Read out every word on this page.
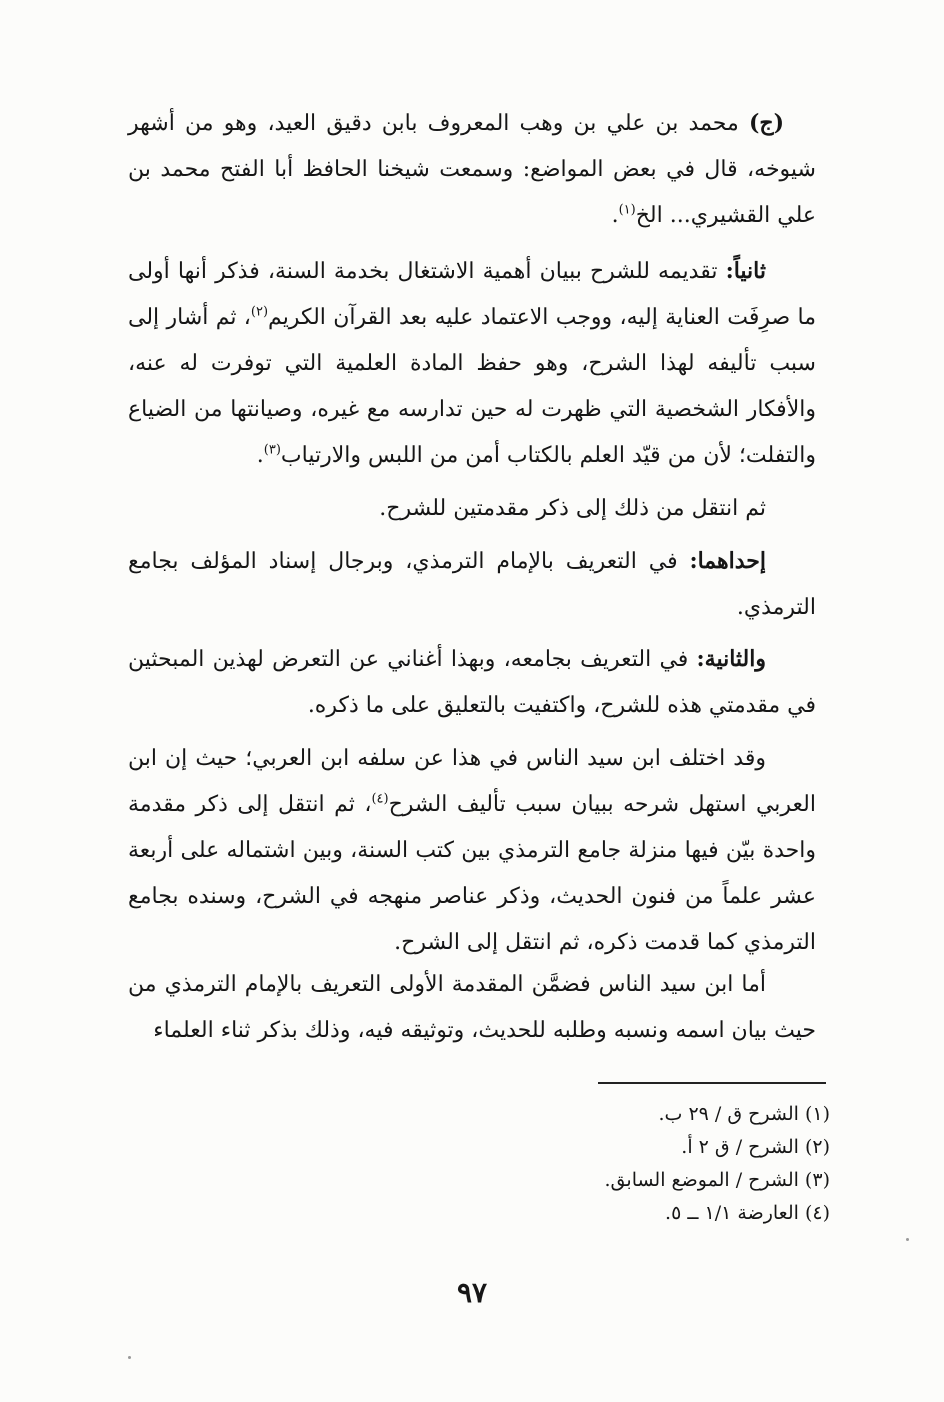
(ج) محمد بن علي بن وهب المعروف بابن دقيق العيد، وهو من أشهر شيوخه، قال في بعض المواضع: وسمعت شيخنا الحافظ أبا الفتح محمد بن علي القشيري... الخ$^{(١)}$.

ثانياً: تقديمه للشرح ببيان أهمية الاشتغال بخدمة السنة، فذكر أنها أولى ما صرِفَت العناية إليه، ووجب الاعتماد عليه بعد القرآن الكريم$^{(٢)}$، ثم أشار إلى سبب تأليفه لهذا الشرح، وهو حفظ المادة العلمية التي توفرت له عنه، والأفكار الشخصية التي ظهرت له حين تدارسه مع غيره، وصيانتها من الضياع والتفلت؛ لأن من قيّد العلم بالكتاب أمن من اللبس والارتياب$^{(٣)}$.

ثم انتقل من ذلك إلى ذكر مقدمتين للشرح.

إحداهما: في التعريف بالإمام الترمذي، وبرجال إسناد المؤلف بجامع الترمذي.

والثانية: في التعريف بجامعه، وبهذا أغناني عن التعرض لهذين المبحثين في مقدمتي هذه للشرح، واكتفيت بالتعليق على ما ذكره.

وقد اختلف ابن سيد الناس في هذا عن سلفه ابن العربي؛ حيث إن ابن العربي استهل شرحه ببيان سبب تأليف الشرح$^{(٤)}$، ثم انتقل إلى ذكر مقدمة واحدة بيّن فيها منزلة جامع الترمذي بين كتب السنة، وبين اشتماله على أربعة عشر علماً من فنون الحديث، وذكر عناصر منهجه في الشرح، وسنده بجامع الترمذي كما قدمت ذكره، ثم انتقل إلى الشرح.

أما ابن سيد الناس فضمَّن المقدمة الأولى التعريف بالإمام الترمذي من حيث بيان اسمه ونسبه وطلبه للحديث، وتوثيقه فيه، وذلك بذكر ثناء العلماء

(١) الشرح ق / ٢٩ ب.
(٢) الشرح / ق ٢ أ.
(٣) الشرح / الموضع السابق.
(٤) العارضة ١/١ ــ ٥.
٩٧
